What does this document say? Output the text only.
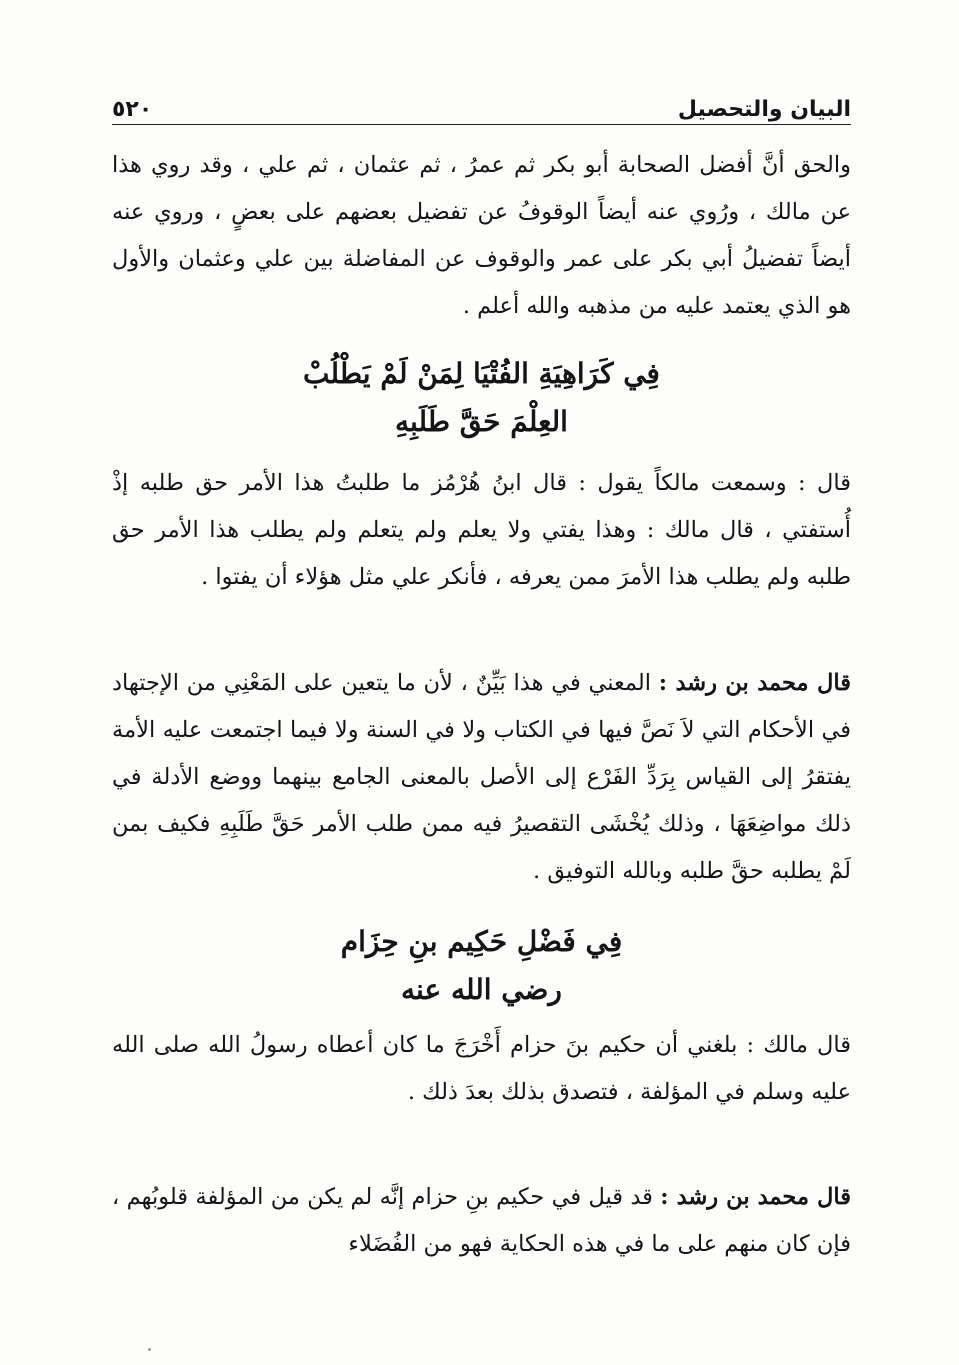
البيان والتحصيل
٥٢٠

والحق أنَّ أفضل الصحابة أبو بكر ثم عمرُ ، ثم عثمان ، ثم علي ، وقد روي هذا عن مالك ، ورُوي عنه أيضاً الوقوفُ عن تفضيل بعضهم على بعضٍ ، وروي عنه أيضاً تفضيلُ أبي بكر على عمر والوقوف عن المفاضلة بين علي وعثمان والأول هو الذي يعتمد عليه من مذهبه والله أعلم .

فِي كَرَاهِيَةِ الفُتْيَا لِمَنْ لَمْ يَطْلُبْ
العِلْمَ حَقَّ طَلَبِهِ

قال : وسمعت مالكاً يقول : قال ابنُ هُرْمُز ما طلبتُ هذا الأمر حق طلبه إذْ أُستفتي ، قال مالك : وهذا يفتي ولا يعلم ولم يتعلم ولم يطلب هذا الأمر حق طلبه ولم يطلب هذا الأمرَ ممن يعرفه ، فأنكر علي مثل هؤلاء أن يفتوا .

قال محمد بن رشد : المعني في هذا بَيِّنٌ ، لأن ما يتعين على المَعْنِي من الإجتهاد في الأحكام التي لاَ نَصَّ فيها في الكتاب ولا في السنة ولا فيما اجتمعت عليه الأمة يفتقرُ إلى القياس بِرَدِّ الفَرْع إلى الأصل بالمعنى الجامع بينهما ووضع الأدلة في ذلك مواضِعَهَا ، وذلك يُخْشَى التقصيرُ فيه ممن طلب الأمر حَقَّ طَلَبِهِ فكيف بمن لَمْ يطلبه حقَّ طلبه وبالله التوفيق .

فِي فَضْلِ حَكِيم بنِ حِزَام
رضي الله عنه

قال مالك : بلغني أن حكيم بنَ حزام أَخْرَجَ ما كان أعطاه رسولُ الله صلى الله عليه وسلم في المؤلفة ، فتصدق بذلك بعدَ ذلك .

قال محمد بن رشد : قد قيل في حكيم بنِ حزام إنَّه لم يكن من المؤلفة قلوبُهم ، فإن كان منهم على ما في هذه الحكاية فهو من الفُضَلاء
